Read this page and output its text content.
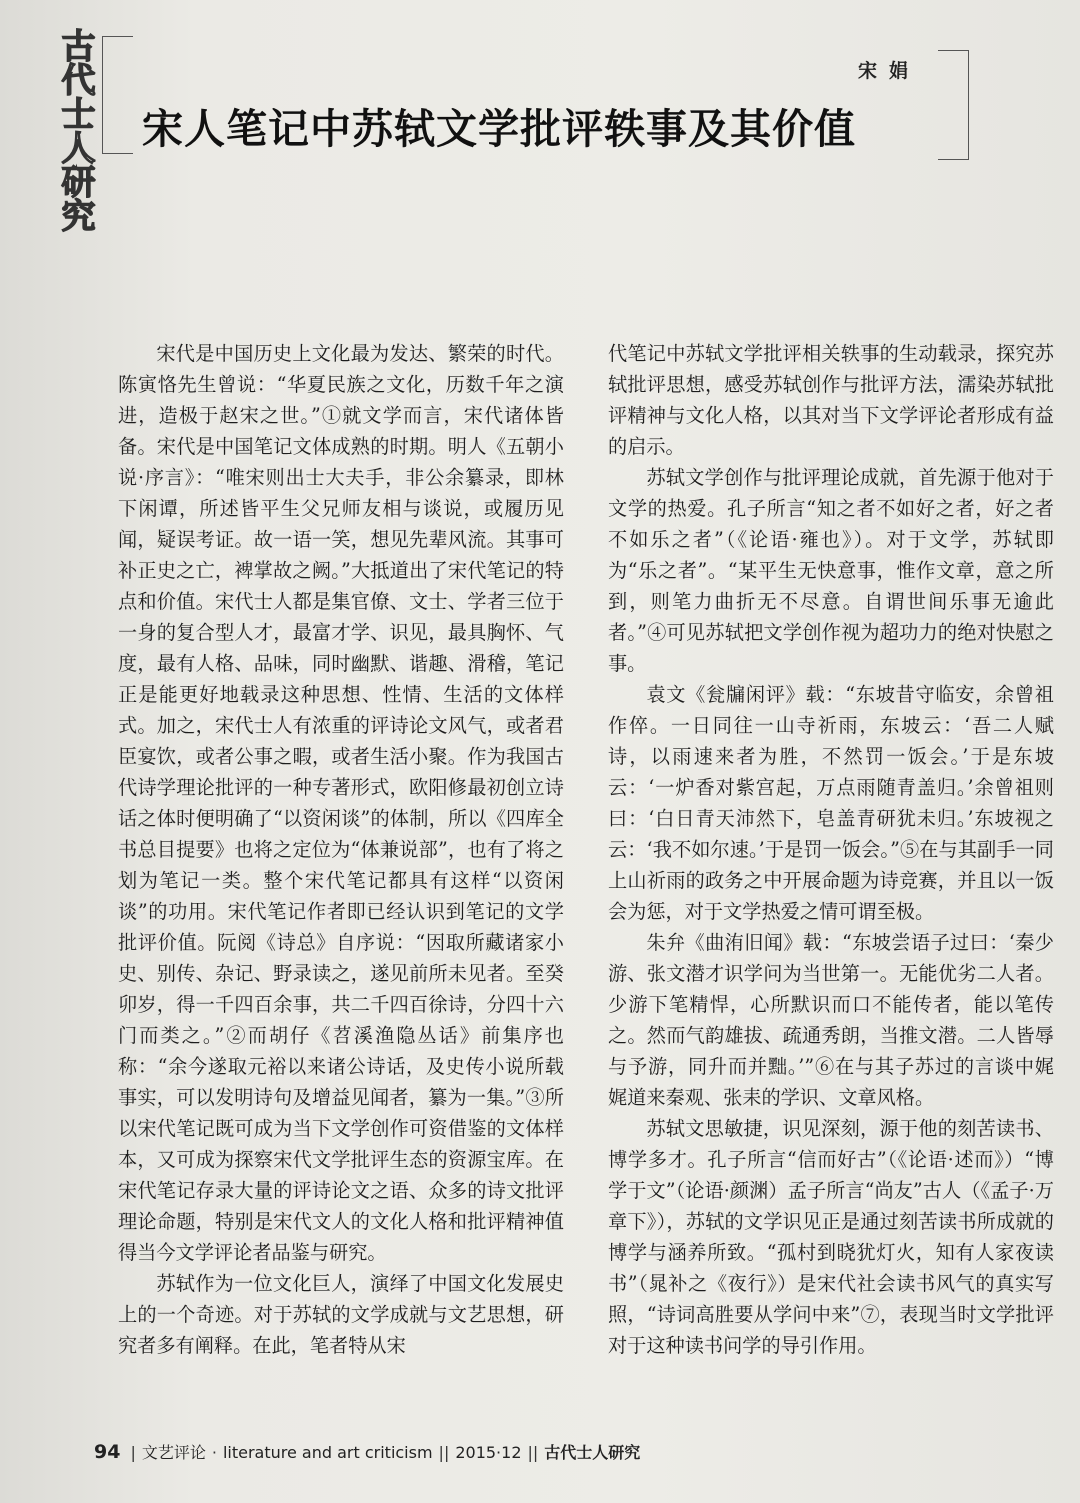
古代士人研究	宋娟
宋人笔记中苏轼文学批评轶事及其价值

宋代是中国历史上文化最为发达、繁荣的时代。陈寅恪先生曾说：“华夏民族之文化，历数千年之演进，造极于赵宋之世。”①就文学而言，宋代诸体皆备。宋代是中国笔记文体成熟的时期。明人《五朝小说·序言》：“唯宋则出士大夫手，非公余纂录，即林下闲谭，所述皆平生父兄师友相与谈说，或履历见闻，疑误考证。故一语一笑，想见先辈风流。其事可补正史之亡，裨掌故之阙。”大抵道出了宋代笔记的特点和价值。宋代士人都是集官僚、文士、学者三位于一身的复合型人才，最富才学、识见，最具胸怀、气度，最有人格、品味，同时幽默、谐趣、滑稽，笔记正是能更好地载录这种思想、性情、生活的文体样式。加之，宋代士人有浓重的评诗论文风气，或者君臣宴饮，或者公事之暇，或者生活小聚。作为我国古代诗学理论批评的一种专著形式，欧阳修最初创立诗话之体时便明确了“以资闲谈”的体制，所以《四库全书总目提要》也将之定位为“体兼说部”，也有了将之划为笔记一类。整个宋代笔记都具有这样“以资闲谈”的功用。宋代笔记作者即已经认识到笔记的文学批评价值。阮阅《诗总》自序说：“因取所藏诸家小史、别传、杂记、野录读之，遂见前所未见者。至癸卯岁，得一千四百余事，共二千四百徐诗，分四十六门而类之。”②而胡仔《苕溪渔隐丛话》前集序也称：“余今遂取元裕以来诸公诗话，及史传小说所载事实，可以发明诗句及增益见闻者，纂为一集。”③所以宋代笔记既可成为当下文学创作可资借鉴的文体样本，又可成为探察宋代文学批评生态的资源宝库。在宋代笔记存录大量的评诗论文之语、众多的诗文批评理论命题，特别是宋代文人的文化人格和批评精神值得当今文学评论者品鉴与研究。

苏轼作为一位文化巨人，演绎了中国文化发展史上的一个奇迹。对于苏轼的文学成就与文艺思想，研究者多有阐释。在此，笔者特从宋

代笔记中苏轼文学批评相关轶事的生动载录，探究苏轼批评思想，感受苏轼创作与批评方法，濡染苏轼批评精神与文化人格，以其对当下文学评论者形成有益的启示。

苏轼文学创作与批评理论成就，首先源于他对于文学的热爱。孔子所言“知之者不如好之者，好之者不如乐之者”（《论语·雍也》）。对于文学，苏轼即为“乐之者”。“某平生无快意事，惟作文章，意之所到，则笔力曲折无不尽意。自谓世间乐事无逾此者。”④可见苏轼把文学创作视为超功力的绝对快慰之事。

袁文《瓮牖闲评》载：“东坡昔守临安，余曾祖作倅。一日同往一山寺祈雨，东坡云：‘吾二人赋诗，以雨速来者为胜，不然罚一饭会。’于是东坡云：‘一炉香对紫宫起，万点雨随青盖归。’余曾祖则曰：‘白日青天沛然下，皂盖青研犹未归。’东坡视之云：‘我不如尔速。’于是罚一饭会。”⑤在与其副手一同上山祈雨的政务之中开展命题为诗竞赛，并且以一饭会为惩，对于文学热爱之情可谓至极。

朱弁《曲洧旧闻》载：“东坡尝语子过曰：‘秦少游、张文潜才识学问为当世第一。无能优劣二人者。少游下笔精悍，心所默识而口不能传者，能以笔传之。然而气韵雄拔、疏通秀朗，当推文潜。二人皆辱与予游，同升而并黜。’”⑥在与其子苏过的言谈中娓娓道来秦观、张耒的学识、文章风格。

苏轼文思敏捷，识见深刻，源于他的刻苦读书、博学多才。孔子所言“信而好古”（《论语·述而》）“博学于文”（论语·颜渊）孟子所言“尚友”古人（《孟子·万章下》），苏轼的文学识见正是通过刻苦读书所成就的博学与涵养所致。“孤村到晓犹灯火，知有人家夜读书”（晁补之《夜行》）是宋代社会读书风气的真实写照，“诗词高胜要从学问中来”⑦，表现当时文学批评对于这种读书问学的导引作用。

94 | 文艺评论 · literature and art criticism || 2015·12 || 古代士人研究
